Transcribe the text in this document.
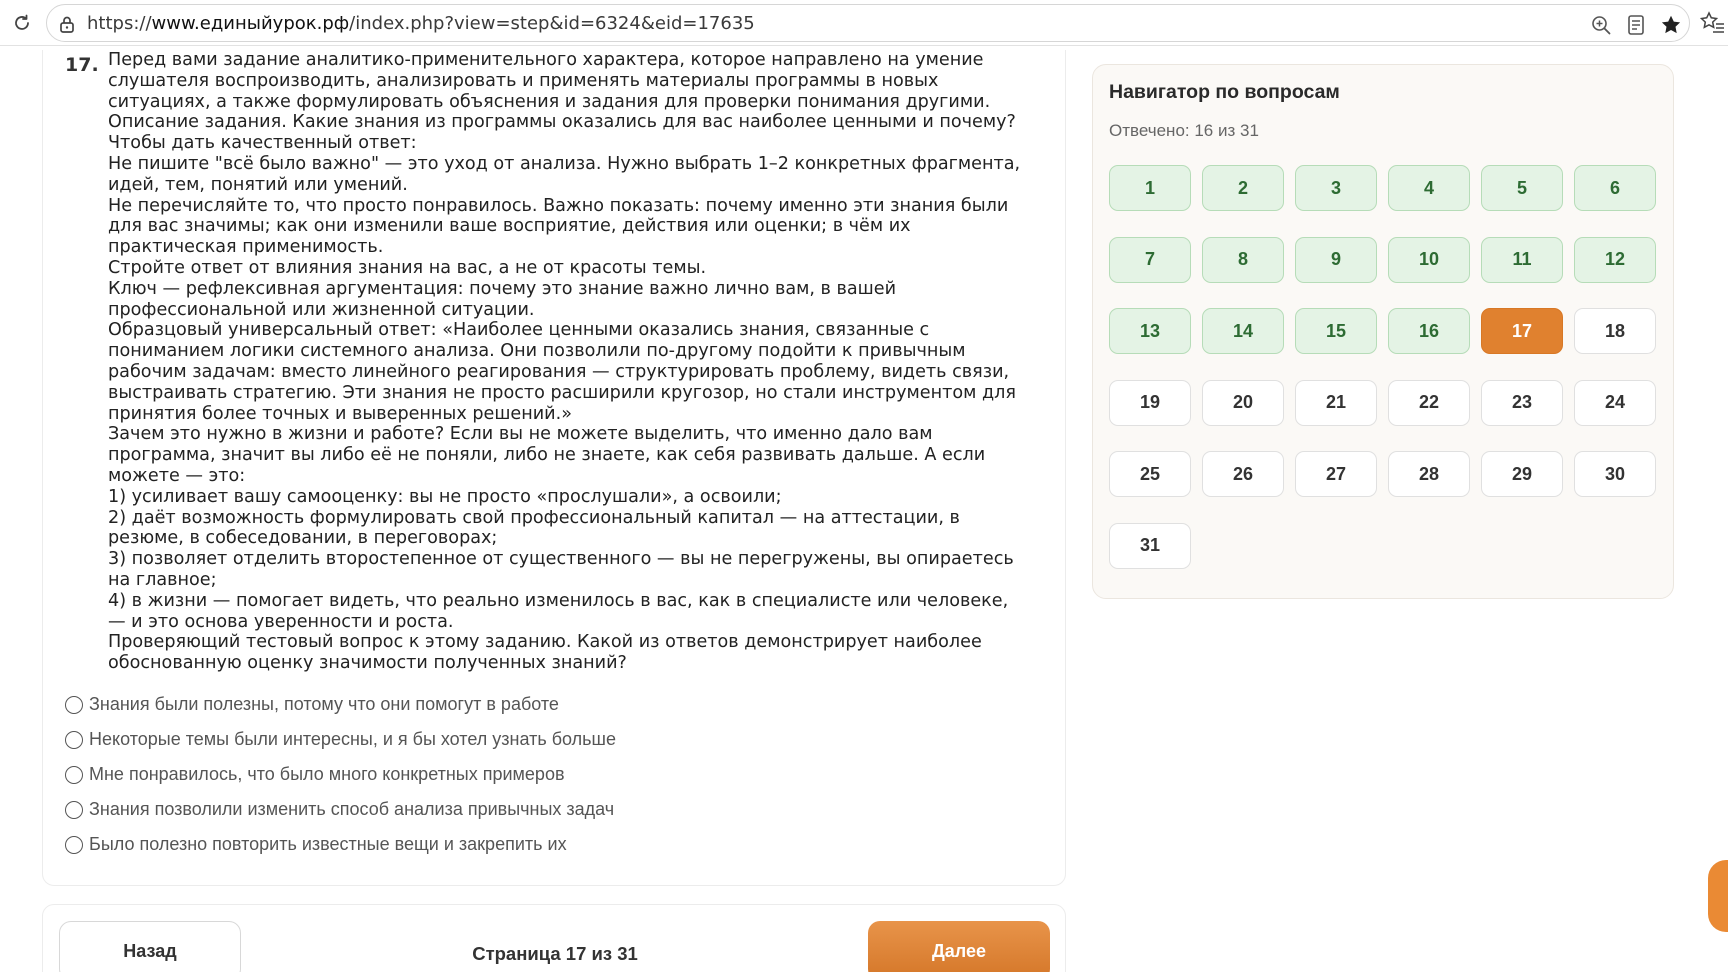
https://www.единыйурок.рф/index.php?view=step&id=6324&eid=17635
17. Перед вами задание аналитико-применительного характера, которое направлено на умение
слушателя воспроизводить, анализировать и применять материалы программы в новых
ситуациях, а также формулировать объяснения и задания для проверки понимания другими.
Описание задания. Какие знания из программы оказались для вас наиболее ценными и почему?
Чтобы дать качественный ответ:
Не пишите "всё было важно" — это уход от анализа. Нужно выбрать 1–2 конкретных фрагмента,
идей, тем, понятий или умений.
Не перечисляйте то, что просто понравилось. Важно показать: почему именно эти знания были
для вас значимы; как они изменили ваше восприятие, действия или оценки; в чём их
практическая применимость.
Стройте ответ от влияния знания на вас, а не от красоты темы.
Ключ — рефлексивная аргументация: почему это знание важно лично вам, в вашей
профессиональной или жизненной ситуации.
Образцовый универсальный ответ: «Наиболее ценными оказались знания, связанные с
пониманием логики системного анализа. Они позволили по-другому подойти к привычным
рабочим задачам: вместо линейного реагирования — структурировать проблему, видеть связи,
выстраивать стратегию. Эти знания не просто расширили кругозор, но стали инструментом для
принятия более точных и выверенных решений.»
Зачем это нужно в жизни и работе? Если вы не можете выделить, что именно дало вам
программа, значит вы либо её не поняли, либо не знаете, как себя развивать дальше. А если
можете — это:
1) усиливает вашу самооценку: вы не просто «прослушали», а освоили;
2) даёт возможность формулировать свой профессиональный капитал — на аттестации, в
резюме, в собеседовании, в переговорах;
3) позволяет отделить второстепенное от существенного — вы не перегружены, вы опираетесь
на главное;
4) в жизни — помогает видеть, что реально изменилось в вас, как в специалисте или человеке,
— и это основа уверенности и роста.
Проверяющий тестовый вопрос к этому заданию. Какой из ответов демонстрирует наиболее
обоснованную оценку значимости полученных знаний?
Знания были полезны, потому что они помогут в работе
Некоторые темы были интересны, и я бы хотел узнать больше
Мне понравилось, что было много конкретных примеров
Знания позволили изменить способ анализа привычных задач
Было полезно повторить известные вещи и закрепить их
Назад	Страница 17 из 31	Далее
Навигатор по вопросам
Отвечено: 16 из 31
1	2	3	4	5	6
7	8	9	10	11	12
13	14	15	16	17	18
19	20	21	22	23	24
25	26	27	28	29	30
31
